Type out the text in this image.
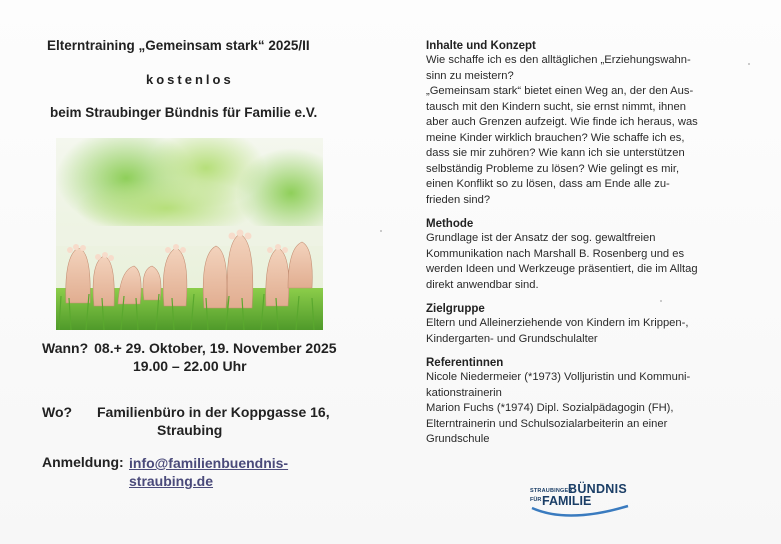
Elterntraining „Gemeinsam stark“ 2025/II
kostenlos
beim Straubinger Bündnis für Familie e.V.
Wann? 08.+ 29. Oktober, 19. November 2025
19.00 – 22.00 Uhr
Wo? Familienbüro in der Koppgasse 16,
Straubing
Anmeldung: info@familienbuendnis-straubing.de
Inhalte und Konzept

Wie schaffe ich es den alltäglichen „Erziehungswahn-
sinn zu meistern?
„Gemeinsam stark“ bietet einen Weg an, der den Aus-
tausch mit den Kindern sucht, sie ernst nimmt, ihnen
aber auch Grenzen aufzeigt. Wie finde ich heraus, was
meine Kinder wirklich brauchen? Wie schaffe ich es,
dass sie mir zuhören? Wie kann ich sie unterstützen
selbständig Probleme zu lösen? Wie gelingt es mir,
einen Konflikt so zu lösen, dass am Ende alle zu-
frieden sind?

Methode

Grundlage ist der Ansatz der sog. gewaltfreien
Kommunikation nach Marshall B. Rosenberg und es
werden Ideen und Werkzeuge präsentiert, die im Alltag
direkt anwendbar sind.

Zielgruppe

Eltern und Alleinerziehende von Kindern im Krippen-,
Kindergarten- und Grundschulalter

Referentinnen

Nicole Niedermeier (*1973) Volljuristin und Kommuni-
kationstrainerin
Marion Fuchs (*1974) Dipl. Sozialpädagogin (FH),
Elterntrainerin und Schulsozialarbeiterin an einer
Grundschule

STRAUBINGER
BÜNDNIS
FÜR FAMILIE
